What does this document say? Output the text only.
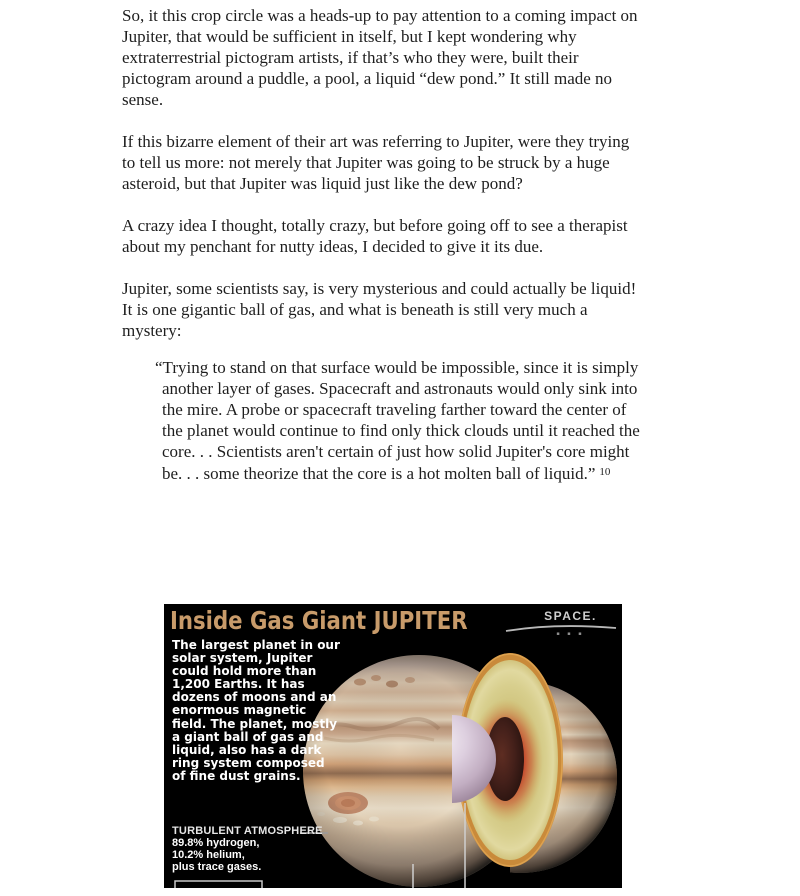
So, it this crop circle was a heads-up to pay attention to a coming impact on Jupiter, that would be sufficient in itself, but I kept wondering why extraterrestrial pictogram artists, if that’s who they were, built their pictogram around a puddle, a pool, a liquid “dew pond.” It still made no sense.
If this bizarre element of their art was referring to Jupiter, were they trying to tell us more: not merely that Jupiter was going to be struck by a huge asteroid, but that Jupiter was liquid just like the dew pond?
A crazy idea I thought, totally crazy, but before going off to see a therapist about my penchant for nutty ideas, I decided to give it its due.
Jupiter, some scientists say, is very mysterious and could actually be liquid! It is one gigantic ball of gas, and what is beneath is still very much a mystery:
“Trying to stand on that surface would be impossible, since it is simply another layer of gases. Spacecraft and astronauts would only sink into the mire. A probe or spacecraft traveling farther toward the center of the planet would continue to find only thick clouds until it reached the core. . . Scientists aren't certain of just how solid Jupiter's core might be. . . some theorize that the core is a hot molten ball of liquid.” $^{10}$
Inside Gas Giant JUPITER	SPACE.
▪ ▪ ▪
The largest planet in our solar system, Jupiter could hold more than 1,200 Earths. It has dozens of moons and an enormous magnetic field. The planet, mostly a giant ball of gas and liquid, also has a dark ring system composed of fine dust grains.
TURBULENT ATMOSPHERE
89.8% hydrogen,
10.2% helium,
plus trace gases.
